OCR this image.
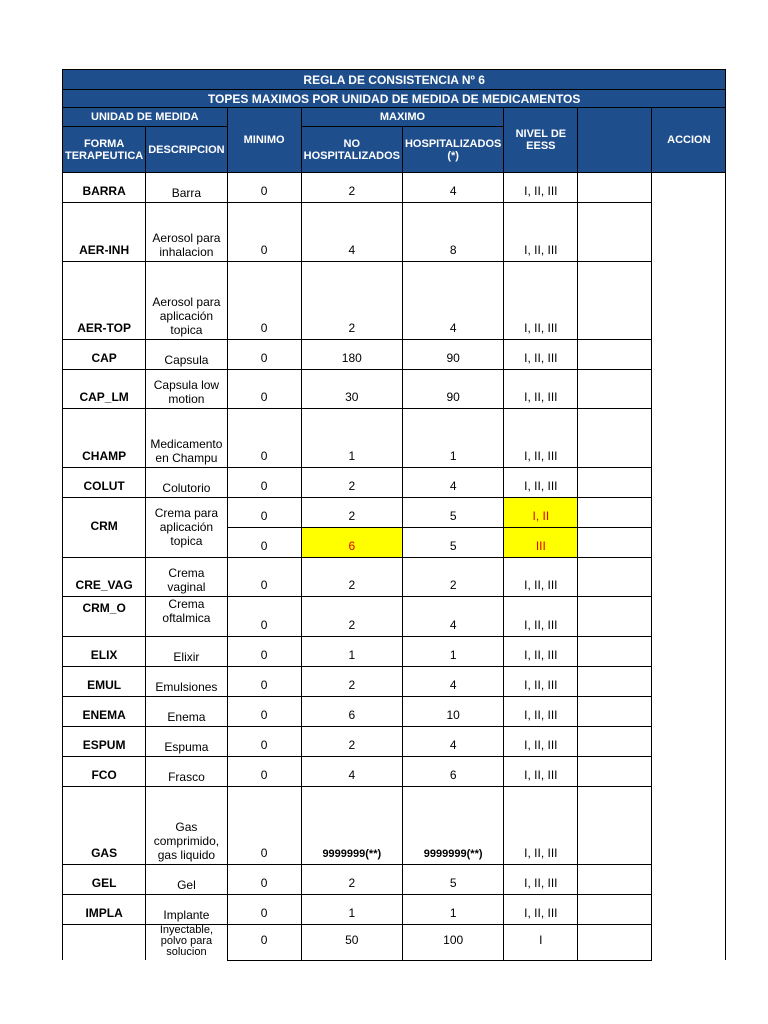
REGLA DE CONSISTENCIA Nº 6							
TOPES MAXIMOS POR UNIDAD DE MEDIDA DE MEDICAMENTOS							
UNIDAD DE MEDIDA		MINIMO	MAXIMO		NIVEL DE EESS		ACCION
FORMA TERAPEUTICA	DESCRIPCION		NO HOSPITALIZADOS	HOSPITALIZADOS (*)			
BARRA	Barra	0	2	4	I, II, III		
AER-INH	Aerosol para inhalacion	0	4	8	I, II, III		
AER-TOP	Aerosol para aplicación topica	0	2	4	I, II, III		
CAP	Capsula	0	180	90	I, II, III		
CAP_LM	Capsula low motion	0	30	90	I, II, III		
CHAMP	Medicamento en Champu	0	1	1	I, II, III		
COLUT	Colutorio	0	2	4	I, II, III		
CRM	Crema para aplicación topica	0	2	5	I, II		
		0	6	5	III		
CRE_VAG	Crema vaginal	0	2	2	I, II, III		
CRM_O	Crema oftalmica	0	2	4	I, II, III		
ELIX	Elixir	0	1	1	I, II, III		
EMUL	Emulsiones	0	2	4	I, II, III		
ENEMA	Enema	0	6	10	I, II, III		
ESPUM	Espuma	0	2	4	I, II, III		
FCO	Frasco	0	4	6	I, II, III		
GAS	Gas comprimido, gas liquido	0	9999999(**)	9999999(**)	I, II, III		
GEL	Gel	0	2	5	I, II, III		
IMPLA	Implante	0	1	1	I, II, III		
	Inyectable, polvo para solucion	0	50	100	I		
